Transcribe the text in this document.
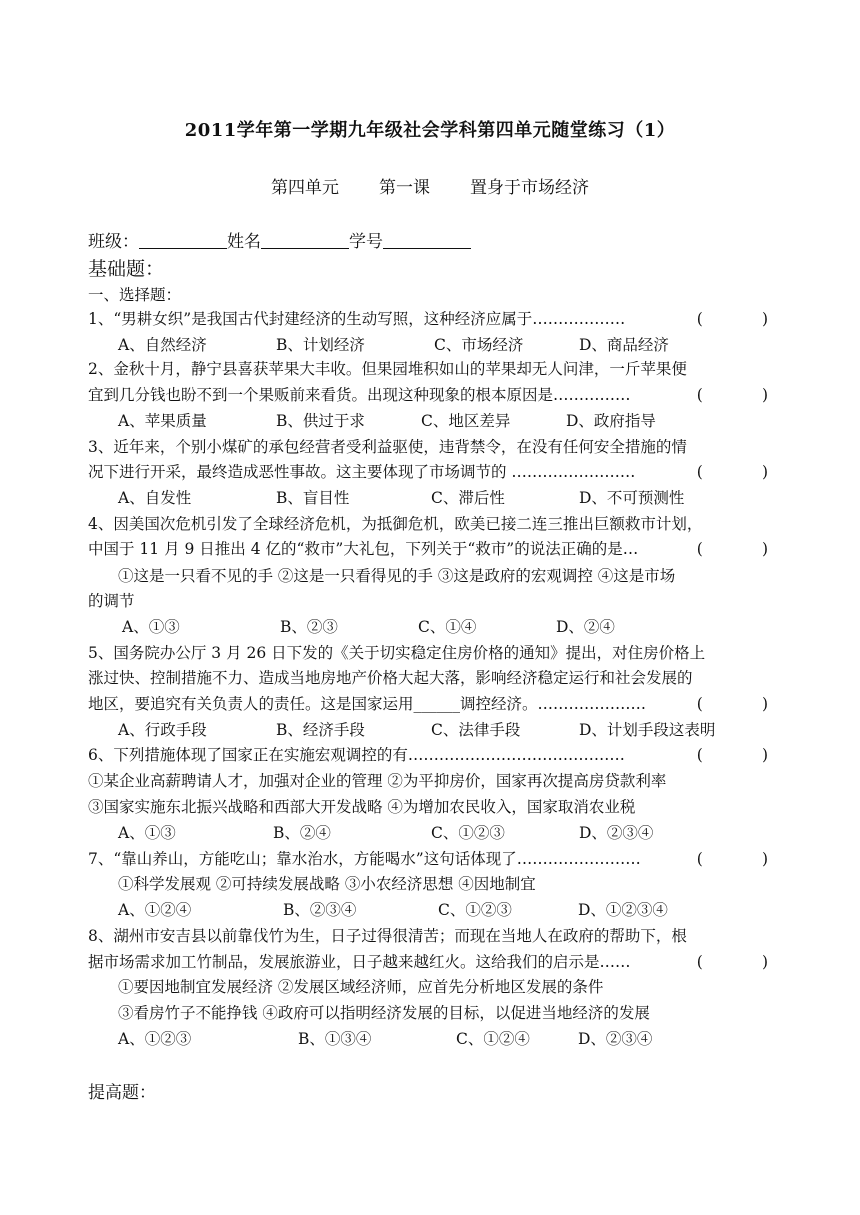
2011学年第一学期九年级社会学科第四单元随堂练习（1）
第四单元 第一课 置身于市场经济
班级：	姓名	学号
基础题：
一、选择题：
1、“男耕女织”是我国古代封建经济的生动写照，这种经济应属于………………	(            )
A、自然经济	B、计划经济	C、市场经济	D、商品经济
2、金秋十月，静宁县喜获苹果大丰收。但果园堆积如山的苹果却无人问津，一斤苹果便
宜到几分钱也盼不到一个果贩前来看货。出现这种现象的根本原因是……………	(            )
A、苹果质量	B、供过于求	C、地区差异	D、政府指导
3、近年来，个别小煤矿的承包经营者受利益驱使，违背禁令，在没有任何安全措施的情
况下进行开采，最终造成恶性事故。这主要体现了市场调节的 ……………………	(            )
A、自发性	B、盲目性	C、滞后性	D、不可预测性
4、因美国次危机引发了全球经济危机，为抵御危机，欧美已接二连三推出巨额救市计划，
中国于 11 月 9 日推出 4 亿的“救市”大礼包，下列关于“救市”的说法正确的是…	(            )
①这是一只看不见的手 ②这是一只看得见的手 ③这是政府的宏观调控 ④这是市场
的调节
A、①③	B、②③	C、①④	D、②④
5、国务院办公厅 3 月 26 日下发的《关于切实稳定住房价格的通知》提出，对住房价格上
涨过快、控制措施不力、造成当地房地产价格大起大落，影响经济稳定运行和社会发展的
地区，要追究有关负责人的责任。这是国家运用______调控经济。…………………	(            )
A、行政手段	B、经济手段	C、法律手段	D、计划手段这表明
6、下列措施体现了国家正在实施宏观调控的有……………………………………	(            )
①某企业高薪聘请人才，加强对企业的管理 ②为平抑房价，国家再次提高房贷款利率
③国家实施东北振兴战略和西部大开发战略 ④为增加农民收入，国家取消农业税
A、①③	B、②④	C、①②③	D、②③④
7、“靠山养山，方能吃山；靠水治水，方能喝水”这句话体现了……………………	(            )
①科学发展观 ②可持续发展战略 ③小农经济思想 ④因地制宜
A、①②④	B、②③④	C、①②③	D、①②③④
8、湖州市安吉县以前靠伐竹为生，日子过得很清苦；而现在当地人在政府的帮助下，根
据市场需求加工竹制品，发展旅游业，日子越来越红火。这给我们的启示是……	(            )
①要因地制宜发展经济 ②发展区域经济师，应首先分析地区发展的条件
③看房竹子不能挣钱 ④政府可以指明经济发展的目标，以促进当地经济的发展
A、①②③	B、①③④	C、①②④	D、②③④
提高题：
